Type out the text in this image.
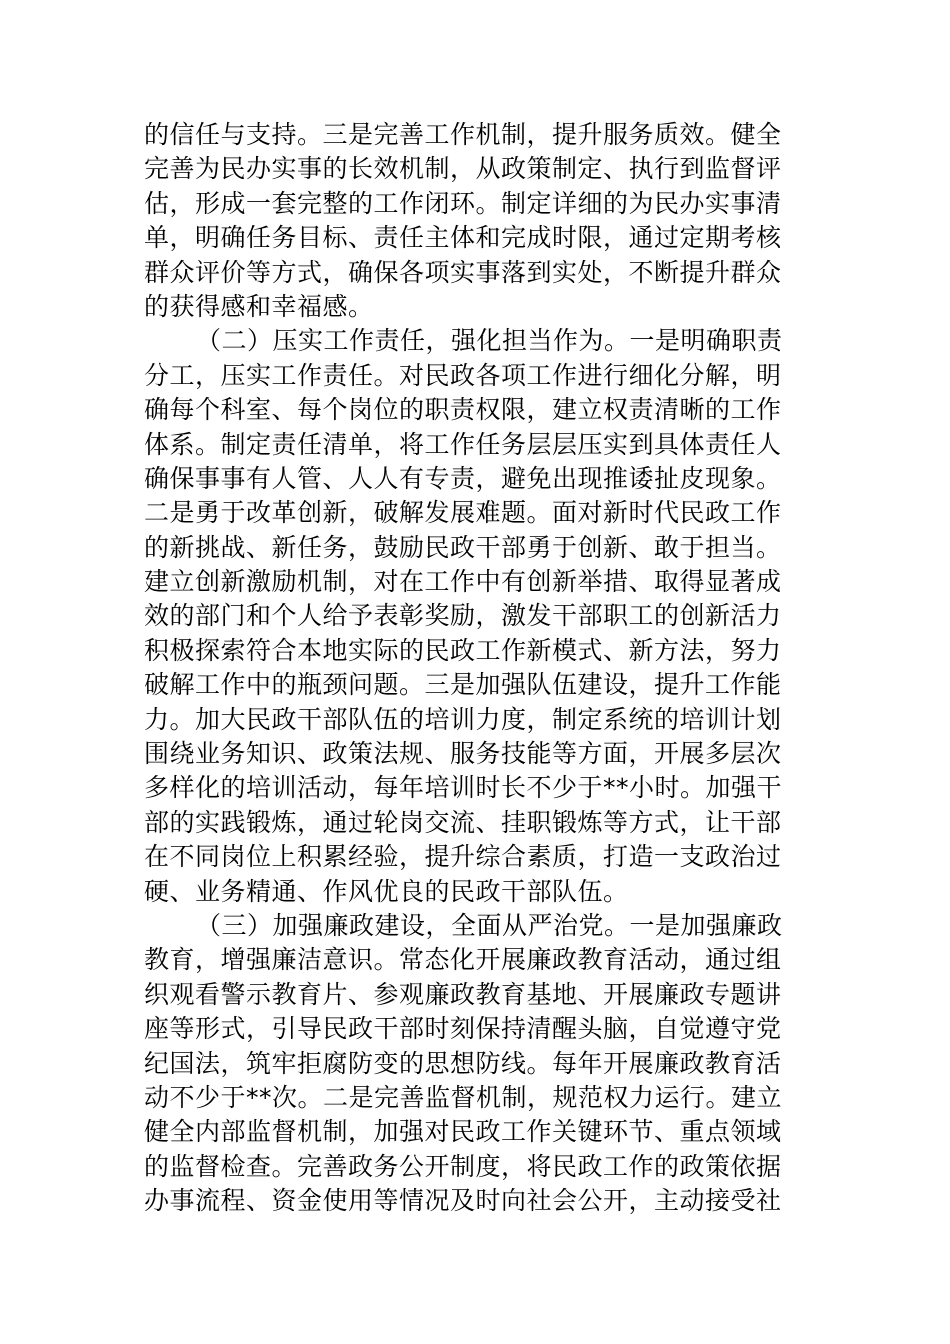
的信任与支持。三是完善工作机制，提升服务质效。健全
完善为民办实事的长效机制，从政策制定、执行到监督评
估，形成一套完整的工作闭环。制定详细的为民办实事清
单，明确任务目标、责任主体和完成时限，通过定期考核
群众评价等方式，确保各项实事落到实处，不断提升群众
的获得感和幸福感。
（二）压实工作责任，强化担当作为。一是明确职责
分工，压实工作责任。对民政各项工作进行细化分解，明
确每个科室、每个岗位的职责权限，建立权责清晰的工作
体系。制定责任清单，将工作任务层层压实到具体责任人
确保事事有人管、人人有专责，避免出现推诿扯皮现象。
二是勇于改革创新，破解发展难题。面对新时代民政工作
的新挑战、新任务，鼓励民政干部勇于创新、敢于担当。
建立创新激励机制，对在工作中有创新举措、取得显著成
效的部门和个人给予表彰奖励，激发干部职工的创新活力
积极探索符合本地实际的民政工作新模式、新方法，努力
破解工作中的瓶颈问题。三是加强队伍建设，提升工作能
力。加大民政干部队伍的培训力度，制定系统的培训计划
围绕业务知识、政策法规、服务技能等方面，开展多层次
多样化的培训活动，每年培训时长不少于**小时。加强干
部的实践锻炼，通过轮岗交流、挂职锻炼等方式，让干部
在不同岗位上积累经验，提升综合素质，打造一支政治过
硬、业务精通、作风优良的民政干部队伍。
（三）加强廉政建设，全面从严治党。一是加强廉政
教育，增强廉洁意识。常态化开展廉政教育活动，通过组
织观看警示教育片、参观廉政教育基地、开展廉政专题讲
座等形式，引导民政干部时刻保持清醒头脑，自觉遵守党
纪国法，筑牢拒腐防变的思想防线。每年开展廉政教育活
动不少于**次。二是完善监督机制，规范权力运行。建立
健全内部监督机制，加强对民政工作关键环节、重点领域
的监督检查。完善政务公开制度，将民政工作的政策依据
办事流程、资金使用等情况及时向社会公开，主动接受社
